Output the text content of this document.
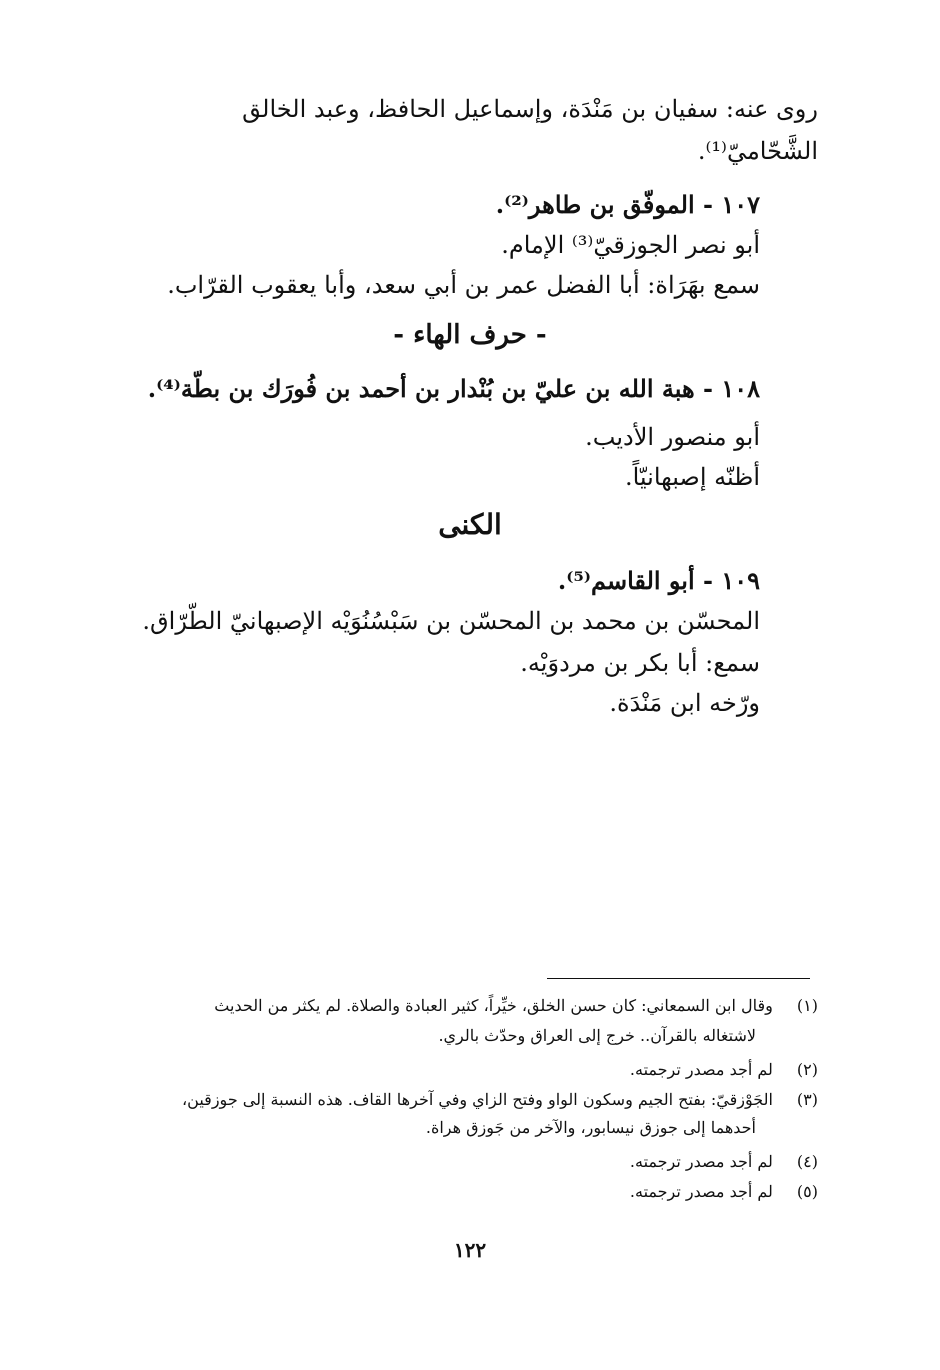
روى عنه: سفيان بن مَنْدَة، وإسماعيل الحافظ، وعبد الخالق
الشَّحّاميّ⁽¹⁾.
١٠٧ - الموفّق بن طاهر⁽²⁾.
أبو نصر الجوزقيّ⁽³⁾ الإمام.
سمع بهَرَاة: أبا الفضل عمر بن أبي سعد، وأبا يعقوب القرّاب.
- حرف الهاء -
١٠٨ - هبة الله بن عليّ بن بُنْدار بن أحمد بن فُورَك بن بطّة⁽⁴⁾.
أبو منصور الأديب.
أظنّه إصبهانيّاً.
الكنى
١٠٩ - أبو القاسم⁽⁵⁾.
المحسّن بن محمد بن المحسّن بن سَبْسُنُوَيْه الإصبهانيّ الطّرّاق.
سمع: أبا بكر بن مردوَيْه.
ورّخه ابن مَنْدَة.
(١) وقال ابن السمعاني: كان حسن الخلق، خيِّراً، كثير العبادة والصلاة. لم يكثر من الحديث
لاشتغاله بالقرآن.. خرج إلى العراق وحدّث بالري.
(٢) لم أجد مصدر ترجمته.
(٣) الجَوْزقيّ: بفتح الجيم وسكون الواو وفتح الزاي وفي آخرها القاف. هذه النسبة إلى جوزقين،
أحدهما إلى جوزق نيسابور، والآخر من جَوزق هراة.
(٤) لم أجد مصدر ترجمته.
(٥) لم أجد مصدر ترجمته.
١٢٢
